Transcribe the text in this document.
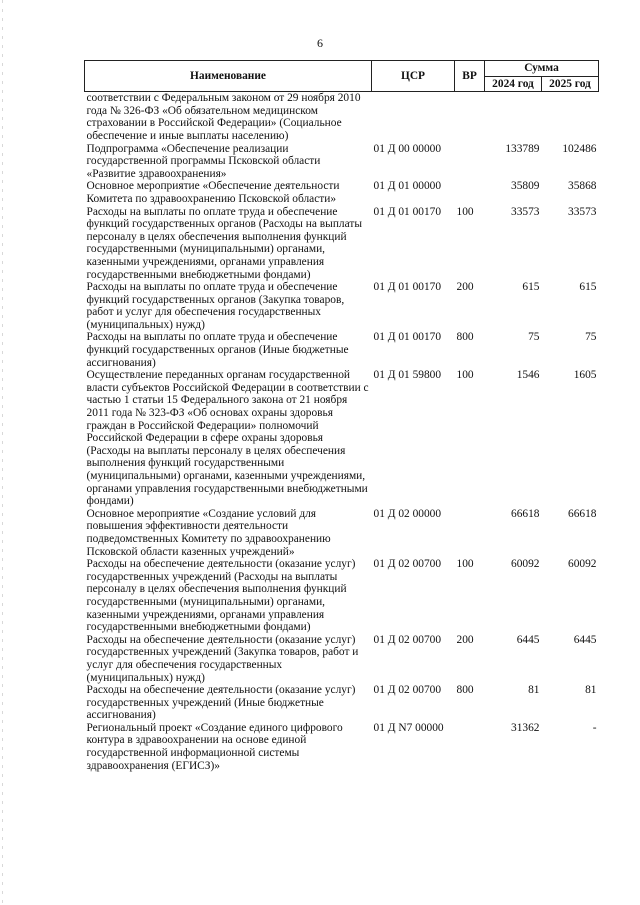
6
Наименование	ЦСР	ВР	Сумма	
			2024 год	2025 год
соответствии с Федеральным законом от 29 ноября 2010 года № 326-ФЗ «Об обязательном медицинском страховании в Российской Федерации» (Социальное обеспечение и иные выплаты населению)				
Подпрограмма «Обеспечение реализации государственной программы Псковской области «Развитие здравоохранения»	01 Д 00 00000		133789	102486
Основное мероприятие «Обеспечение деятельности Комитета по здравоохранению Псковской области»	01 Д 01 00000		35809	35868
Расходы на выплаты по оплате труда и обеспечение функций государственных органов (Расходы на выплаты персоналу в целях обеспечения выполнения функций государственными (муниципальными) органами, казенными учреждениями, органами управления государственными внебюджетными фондами)	01 Д 01 00170	100	33573	33573
Расходы на выплаты по оплате труда и обеспечение функций государственных органов (Закупка товаров, работ и услуг для обеспечения государственных (муниципальных) нужд)	01 Д 01 00170	200	615	615
Расходы на выплаты по оплате труда и обеспечение функций государственных органов (Иные бюджетные ассигнования)	01 Д 01 00170	800	75	75
Осуществление переданных органам государственной власти субъектов Российской Федерации в соответствии с частью 1 статьи 15 Федерального закона от 21 ноября 2011 года № 323-ФЗ «Об основах охраны здоровья граждан в Российской Федерации» полномочий Российской Федерации в сфере охраны здоровья (Расходы на выплаты персоналу в целях обеспечения выполнения функций государственными (муниципальными) органами, казенными учреждениями, органами управления государственными внебюджетными фондами)	01 Д 01 59800	100	1546	1605
Основное мероприятие «Создание условий для повышения эффективности деятельности подведомственных Комитету по здравоохранению Псковской области казенных учреждений»	01 Д 02 00000		66618	66618
Расходы на обеспечение деятельности (оказание услуг) государственных учреждений (Расходы на выплаты персоналу в целях обеспечения выполнения функций государственными (муниципальными) органами, казенными учреждениями, органами управления государственными внебюджетными фондами)	01 Д 02 00700	100	60092	60092
Расходы на обеспечение деятельности (оказание услуг) государственных учреждений (Закупка товаров, работ и услуг для обеспечения государственных (муниципальных) нужд)	01 Д 02 00700	200	6445	6445
Расходы на обеспечение деятельности (оказание услуг) государственных учреждений (Иные бюджетные ассигнования)	01 Д 02 00700	800	81	81
Региональный проект «Создание единого цифрового контура в здравоохранении на основе единой государственной информационной системы здравоохранения (ЕГИСЗ)»	01 Д N7 00000		31362	-
